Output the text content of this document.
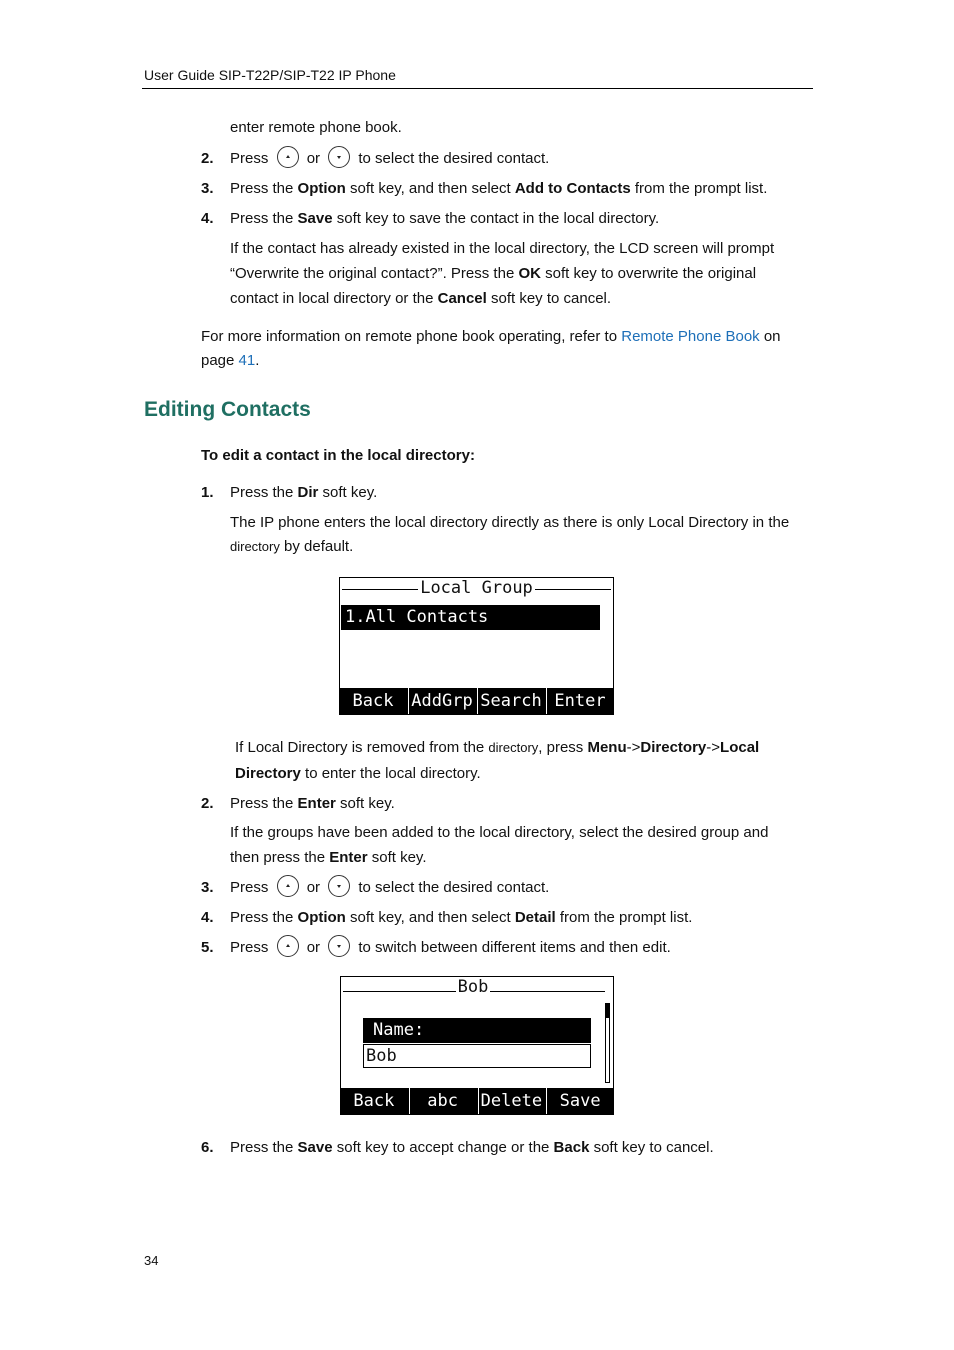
User Guide SIP-T22P/SIP-T22 IP Phone
enter remote phone book.
2. Press	or	to select the desired contact.
3. Press the Option soft key, and then select Add to Contacts from the prompt list.
4. Press the Save soft key to save the contact in the local directory.
If the contact has already existed in the local directory, the LCD screen will prompt
“Overwrite the original contact?”. Press the OK soft key to overwrite the original
contact in local directory or the Cancel soft key to cancel.
For more information on remote phone book operating, refer to Remote Phone Book on
page 41.
Editing Contacts
To edit a contact in the local directory:
1. Press the Dir soft key.
The IP phone enters the local directory directly as there is only Local Directory in the
directory by default.
Local Group
1.All Contacts
Back	AddGrp Search Enter
If Local Directory is removed from the directory, press Menu->Directory->Local
Directory to enter the local directory.
2. Press the Enter soft key.
If the groups have been added to the local directory, select the desired group and
then press the Enter soft key.
3. Press	or	to select the desired contact.
4. Press the Option soft key, and then select Detail from the prompt list.
5. Press	or	to switch between different items and then edit.
Bob
Name:
Bob
Back	abc	Delete	Save
6. Press the Save soft key to accept change or the Back soft key to cancel.
34
